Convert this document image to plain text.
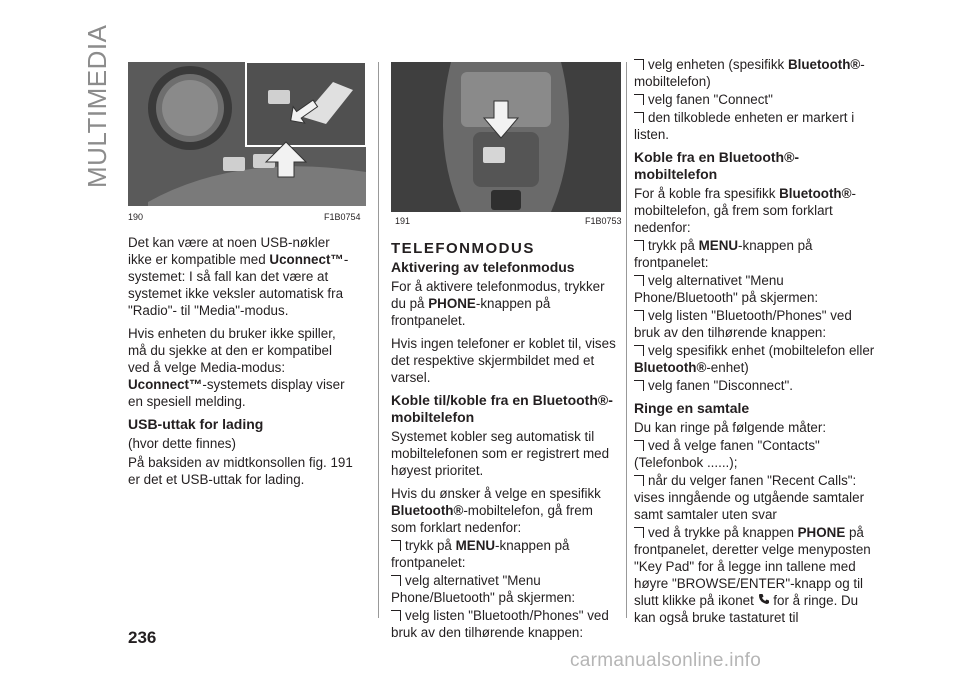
MULTIMEDIA
190	F1B0754	191	F1B0753

Det kan være at noen USB-nøkler ikke er kompatible med Uconnect™-systemet: I så fall kan det være at systemet ikke veksler automatisk fra "Radio"- til "Media"-modus.

Hvis enheten du bruker ikke spiller, må du sjekke at den er kompatibel ved å velge Media-modus: Uconnect™-systemets display viser en spesiell melding.

USB-uttak for lading

(hvor dette finnes)

På baksiden av midtkonsollen fig. 191 er det et USB-uttak for lading.

TELEFONMODUS
Aktivering av telefonmodus

For å aktivere telefonmodus, trykker du på PHONE-knappen på frontpanelet.

Hvis ingen telefoner er koblet til, vises det respektive skjermbildet med et varsel.

Koble til/koble fra en Bluetooth®-mobiltelefon

Systemet kobler seg automatisk til mobiltelefonen som er registrert med høyest prioritet.

Hvis du ønsker å velge en spesifikk Bluetooth®-mobiltelefon, gå frem som forklart nedenfor:

trykk på MENU-knappen på frontpanelet:

velg alternativet "Menu Phone/Bluetooth" på skjermen:

velg listen "Bluetooth/Phones" ved bruk av den tilhørende knappen:

velg enheten (spesifikk Bluetooth®-mobiltelefon)

velg fanen "Connect"

den tilkoblede enheten er markert i listen.

Koble fra en Bluetooth®-mobiltelefon

For å koble fra spesifikk Bluetooth®-mobiltelefon, gå frem som forklart nedenfor:

trykk på MENU-knappen på frontpanelet:

velg alternativet "Menu Phone/Bluetooth" på skjermen:

velg listen "Bluetooth/Phones" ved bruk av den tilhørende knappen:

velg spesifikk enhet (mobiltelefon eller Bluetooth®-enhet)

velg fanen "Disconnect".

Ringe en samtale

Du kan ringe på følgende måter:

ved å velge fanen "Contacts" (Telefonbok ......);

når du velger fanen "Recent Calls": vises inngående og utgående samtaler samt samtaler uten svar

ved å trykke på knappen PHONE på frontpanelet, deretter velge menyposten "Key Pad" for å legge inn tallene med høyre "BROWSE/ENTER"-knapp og til slutt klikke på ikonet  for å ringe. Du kan også bruke tastaturet til

236
carmanualsonline.info
